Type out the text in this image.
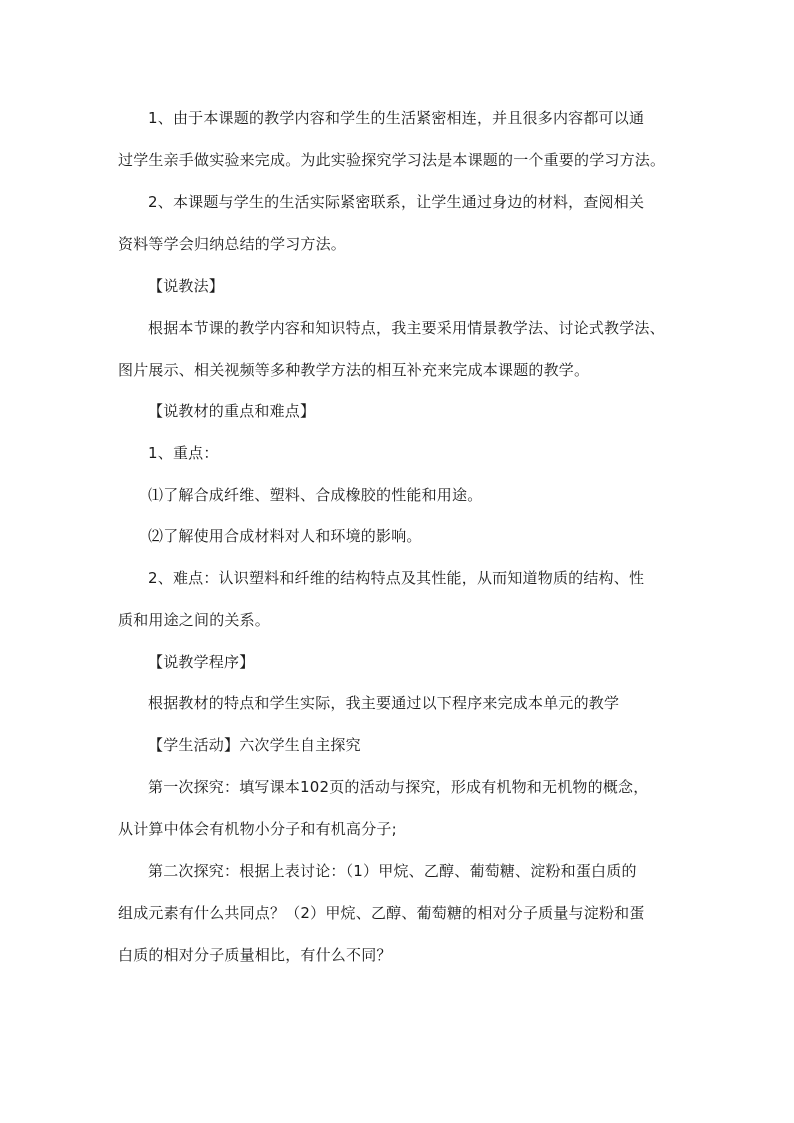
1、由于本课题的教学内容和学生的生活紧密相连，并且很多内容都可以通
过学生亲手做实验来完成。为此实验探究学习法是本课题的一个重要的学习方法。
2、本课题与学生的生活实际紧密联系，让学生通过身边的材料，查阅相关
资料等学会归纳总结的学习方法。
【说教法】
根据本节课的教学内容和知识特点，我主要采用情景教学法、讨论式教学法、
图片展示、相关视频等多种教学方法的相互补充来完成本课题的教学。
【说教材的重点和难点】
1、重点：
⑴了解合成纤维、塑料、合成橡胶的性能和用途。
⑵了解使用合成材料对人和环境的影响。
2、难点：认识塑料和纤维的结构特点及其性能，从而知道物质的结构、性
质和用途之间的关系。
【说教学程序】
根据教材的特点和学生实际，我主要通过以下程序来完成本单元的教学
【学生活动】六次学生自主探究
第一次探究：填写课本102页的活动与探究，形成有机物和无机物的概念，
从计算中体会有机物小分子和有机高分子;
第二次探究：根据上表讨论：（1）甲烷、乙醇、葡萄糖、淀粉和蛋白质的
组成元素有什么共同点？（2）甲烷、乙醇、葡萄糖的相对分子质量与淀粉和蛋
白质的相对分子质量相比，有什么不同？
